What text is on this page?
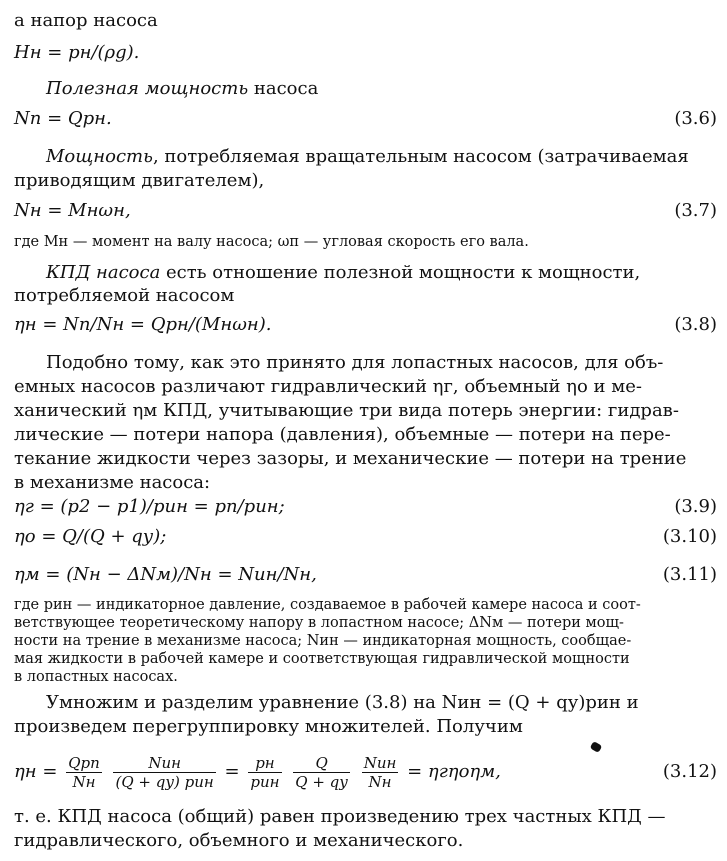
а напор насоса
Hн = pн/(ρg).
Полезная мощность насоса
Nп = Qpн.	(3.6)
Мощность, потребляемая вращательным насосом (затрачиваемая
приводящим двигателем),
Nн = Mнωн,	(3.7)
где Mн — момент на валу насоса; ωп — угловая скорость его вала.
КПД насоса есть отношение полезной мощности к мощности,
потребляемой насосом
ηн = Nп/Nн = Qpн/(Mнωн).	(3.8)
Подобно тому, как это принято для лопастных насосов, для объ-
емных насосов различают гидравлический ηг, объемный ηо и ме-
ханический ηм КПД, учитывающие три вида потерь энергии: гидрав-
лические — потери напора (давления), объемные — потери на пере-
текание жидкости через зазоры, и механические — потери на трение
в механизме насоса:
ηг = (p2 − p1)/pин = pп/pин;	(3.9)
ηо = Q/(Q + qу);	(3.10)
ηм = (Nн − ΔNм)/Nн = Nин/Nн,	(3.11)
где pин — индикаторное давление, создаваемое в рабочей камере насоса и соот-
ветствующее теоретическому напору в лопастном насосе; ΔNм — потери мощ-
ности на трение в механизме насоса; Nин — индикаторная мощность, сообщае-
мая жидкости в рабочей камере и соответствующая гидравлической мощности
в лопастных насосах.
Умножим и разделим уравнение (3.8) на Nин = (Q + qу)pин и
произведем перегруппировку множителей. Получим
$\eta н = \frac{\text{Qpп}}{Nн}$
$\frac{\text{Nин}}{\text{(Q + qу) pин}} = \frac{pн}{\text{pин}}$
$\frac{Q}{Q + qу}$
$\frac{\text{Nин}}{Nн} = \eta г\eta о\eta м$,	(3.12)
т. е. КПД насоса (общий) равен произведению трех частных КПД —
гидравлического, объемного и механического.
